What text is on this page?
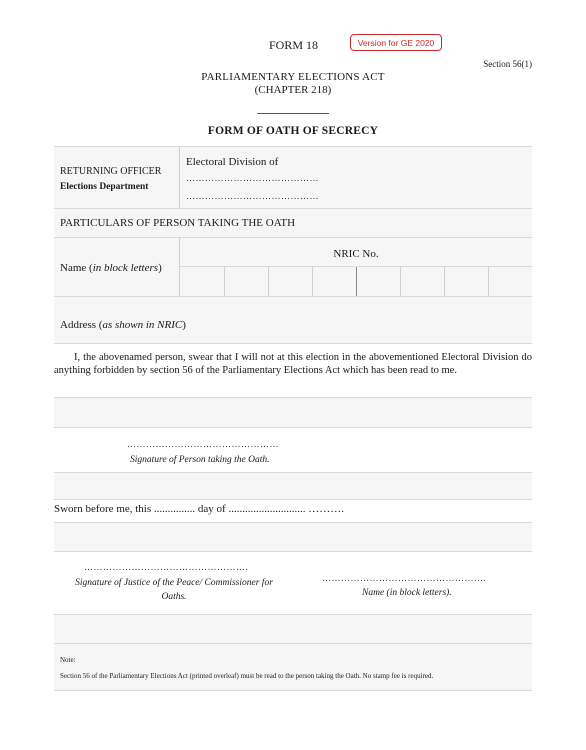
FORM 18	Version for GE 2020
Section 56(1)
PARLIAMENTARY ELECTIONS ACT
(CHAPTER 218)
FORM OF OATH OF SECRECY
RETURNING OFFICER
Elections Department
Electoral Division of
……………………………………
……………………………………
PARTICULARS OF PERSON TAKING THE OATH
Name (in block letters)
NRIC No.
Address (as shown in NRIC)
I, the abovenamed person, swear that I will not at this election in the abovementioned Electoral Division do anything forbidden by section 56 of the Parliamentary Elections Act which has been read to me.
…………………………………………
Signature of Person taking the Oath.
Sworn before me, this ............... day of ............................ ……….
…………………………………………….
Signature of Justice of the Peace/ Commissioner for
Oaths.
…………………………………………….
Name (in block letters).
Note:
Section 56 of the Parliamentary Elections Act (printed overleaf) must be read to the person taking the Oath. No stamp fee is required.
